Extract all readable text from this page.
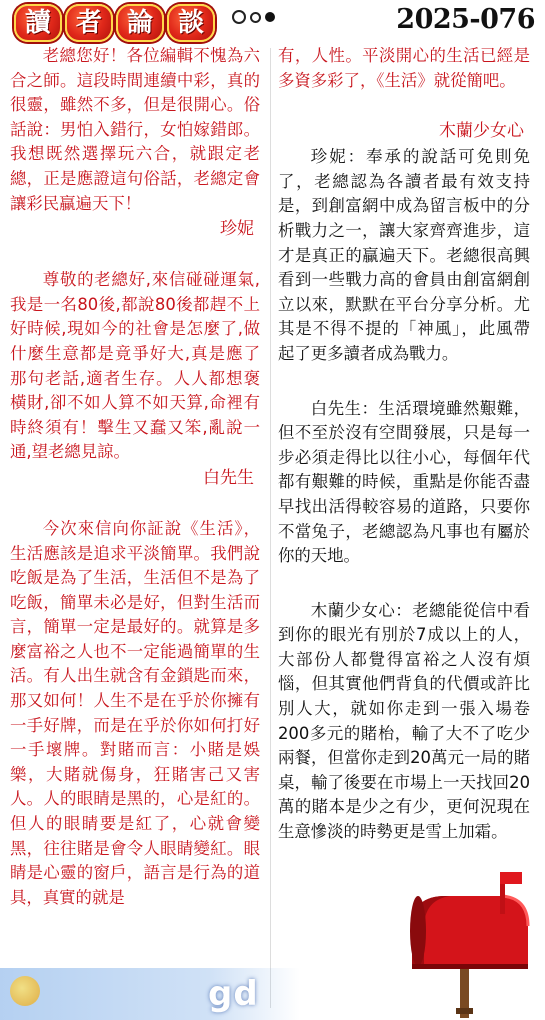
讀 者 論 談	2025-076

老總您好！各位編輯不愧為六合之師。這段時間連續中彩，真的很靈，雖然不多，但是很開心。俗話說：男怕入錯行，女怕嫁錯郎。我想既然選擇玩六合，就跟定老總，正是應證這句俗話，老總定會讓彩民贏遍天下！

珍妮

尊敬的老總好,來信碰碰運氣,我是一名80後,都說80後都趕不上好時候,現如今的社會是怎麼了,做什麼生意都是竟爭好大,真是應了那句老話,適者生存。人人都想褒橫財,卻不如人算不如天算,命裡有時終須有！擊生又蠢又笨,亂說一通,望老總見諒。

白先生

今次來信向你証說《生活》，生活應該是追求平淡簡單。我們說吃飯是為了生活，生活但不是為了吃飯，簡單未必是好，但對生活而言，簡單一定是最好的。就算是多麼富裕之人也不一定能過簡單的生活。有人出生就含有金鎖匙而來，那又如何！人生不是在乎於你擁有一手好牌，而是在乎於你如何打好一手壞牌。對賭而言：小賭是娛樂，大賭就傷身，狂賭害己又害人。人的眼睛是黑的，心是紅的。但人的眼睛要是紅了，心就會變黑，往往賭是會令人眼睛變紅。眼睛是心靈的窗戶，語言是行為的道具，真實的就是

有，人性。平淡開心的生活已經是多資多彩了，《生活》就從簡吧。

木蘭少女心

珍妮：奉承的說話可免則免了，老總認為各讀者最有效支持是，到創富網中成為留言板中的分析戰力之一，讓大家齊齊進步，這才是真正的贏遍天下。老總很高興看到一些戰力高的會員由創富網創立以來，默默在平台分享分析。尤其是不得不提的「神風」，此風帶起了更多讀者成為戰力。

白先生：生活環境雖然艱難，但不至於沒有空間發展，只是每一步必須走得比以往小心，每個年代都有艱難的時候，重點是你能否盡早找出活得較容易的道路，只要你不當兔子，老總認為凡事也有屬於你的天地。

木蘭少女心：老總能從信中看到你的眼光有別於7成以上的人，大部份人都覺得富裕之人沒有煩惱，但其實他們背負的代價或許比別人大，就如你走到一張入場卷200多元的賭枱，輸了大不了吃少兩餐，但當你走到20萬元一局的賭桌，輸了後要在市場上一天找回20萬的賭本是少之有少，更何況現在生意慘淡的時勢更是雪上加霜。

gd
